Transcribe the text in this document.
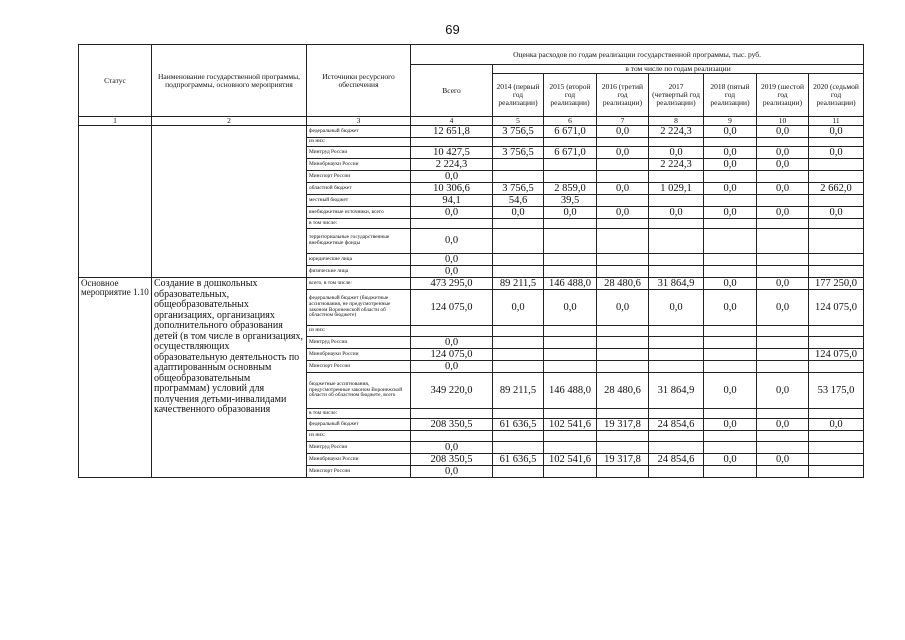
69
Статус	Наименование государственной программы, подпрограммы, основного мероприятия	Источники ресурсного обеспечения	Оценка расходов по годам реализации государственной программы, тыс. руб.							
			Всего	в том числе по годам реализации						
				2014 (первый год реализации)	2015 (второй год реализации)	2016 (третий год реализации)	2017 (четвертый год реализации)	2018 (пятый год реализации)	2019 (шестой год реализации)	2020 (седьмой год реализации)
1	2	3	4	5	6	7	8	9	10	11
		федеральный бюджет	12 651,8	3 756,5	6 671,0	0,0	2 224,3	0,0	0,0	0,0
		из них:								
		Минтруд России	10 427,5	3 756,5	6 671,0	0,0	0,0	0,0	0,0	0,0
		Минобрнауки России	2 224,3				2 224,3	0,0	0,0	
		Минспорт России	0,0							
		областной бюджет	10 306,6	3 756,5	2 859,0	0,0	1 029,1	0,0	0,0	2 662,0
		местный бюджет	94,1	54,6	39,5					
		внебюджетные источники, всего	0,0	0,0	0,0	0,0	0,0	0,0	0,0	0,0
		в том числе:								
		территориальные государственные внебюджетные фонды	0,0							
		юридические лица	0,0							
		физические лица	0,0							
Основное мероприятие 1.10	Создание в дошкольных образовательных, общеобразовательных организациях, организациях дополнительного образования детей (в том числе в организациях, осуществляющих образовательную деятельность по адаптированным основным общеобразовательным программам) условий для получения детьми-инвалидами качественного образования	всего, в том числе:	473 295,0	89 211,5	146 488,0	28 480,6	31 864,9	0,0	0,0	177 250,0
		федеральный бюджет (бюджетные ассигнования, не предусмотренные законом Воронежской области об областном бюджете)	124 075,0	0,0	0,0	0,0	0,0	0,0	0,0	124 075,0
		из них:								
		Минтруд России	0,0							
		Минобрнауки России	124 075,0							124 075,0
		Минспорт России	0,0							
		бюджетные ассигнования, предусмотренные законом Воронежской области об областном бюджете, всего	349 220,0	89 211,5	146 488,0	28 480,6	31 864,9	0,0	0,0	53 175,0
		в том числе:								
		федеральный бюджет	208 350,5	61 636,5	102 541,6	19 317,8	24 854,6	0,0	0,0	0,0
		из них:								
		Минтруд России	0,0							
		Минобрнауки России	208 350,5	61 636,5	102 541,6	19 317,8	24 854,6	0,0	0,0	
		Минспорт России	0,0							
